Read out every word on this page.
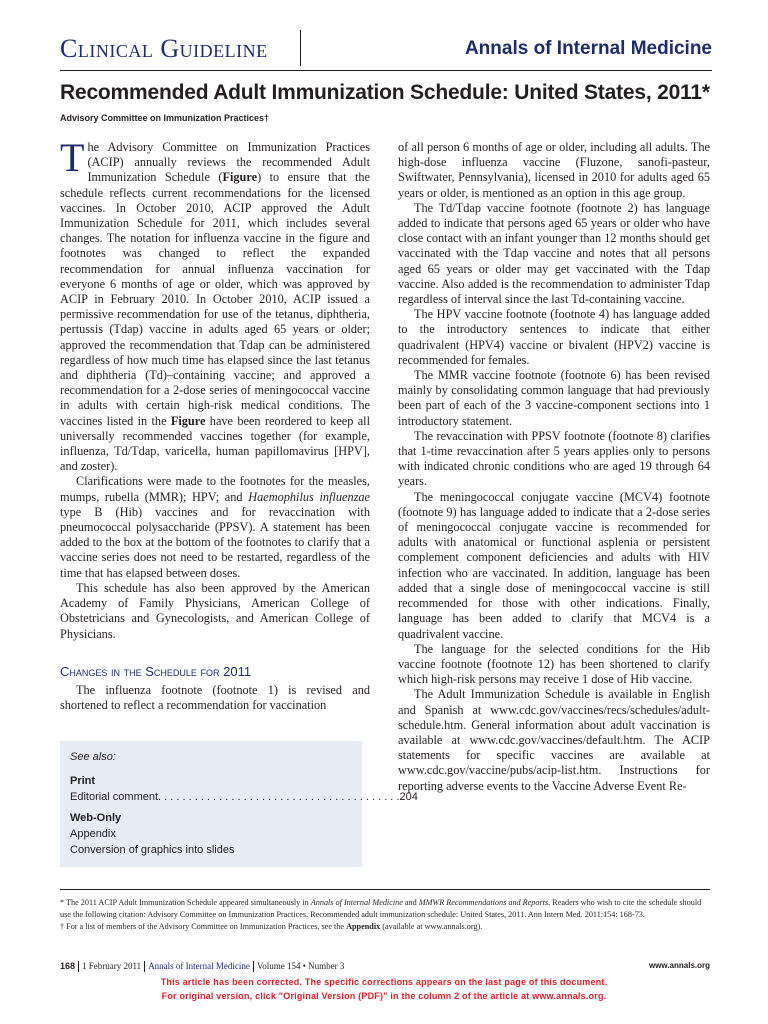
Clinical Guideline	Annals of Internal Medicine
Recommended Adult Immunization Schedule: United States, 2011*
Advisory Committee on Immunization Practices†

The Advisory Committee on Immunization Practices (ACIP) annually reviews the recommended Adult Immunization Schedule (Figure) to ensure that the schedule reflects current recommendations for the licensed vaccines. In October 2010, ACIP approved the Adult Immunization Schedule for 2011, which includes several changes. The notation for influenza vaccine in the figure and footnotes was changed to reflect the expanded recommendation for annual influenza vaccination for everyone 6 months of age or older, which was approved by ACIP in February 2010. In October 2010, ACIP issued a permissive recommendation for use of the tetanus, diphtheria, pertussis (Tdap) vaccine in adults aged 65 years or older; approved the recommendation that Tdap can be administered regardless of how much time has elapsed since the last tetanus and diphtheria (Td)–containing vaccine; and approved a recommendation for a 2-dose series of meningococcal vaccine in adults with certain high-risk medical conditions. The vaccines listed in the Figure have been reordered to keep all universally recommended vaccines together (for example, influenza, Td/Tdap, varicella, human papillomavirus [HPV], and zoster).

Clarifications were made to the footnotes for the measles, mumps, rubella (MMR); HPV; and Haemophilus influenzae type B (Hib) vaccines and for revaccination with pneumococcal polysaccharide (PPSV). A statement has been added to the box at the bottom of the footnotes to clarify that a vaccine series does not need to be restarted, regardless of the time that has elapsed between doses.

This schedule has also been approved by the American Academy of Family Physicians, American College of Obstetricians and Gynecologists, and American College of Physicians.

Changes in the Schedule for 2011

The influenza footnote (footnote 1) is revised and shortened to reflect a recommendation for vaccination

See also:
Print
Editorial comment. . . . . . . . . . . . . . . . . . . . . . . . . . . . . . . . . . . . . . . . 204
Web-Only
Appendix
Conversion of graphics into slides

of all person 6 months of age or older, including all adults. The high-dose influenza vaccine (Fluzone, sanofi-pasteur, Swiftwater, Pennsylvania), licensed in 2010 for adults aged 65 years or older, is mentioned as an option in this age group.

The Td/Tdap vaccine footnote (footnote 2) has language added to indicate that persons aged 65 years or older who have close contact with an infant younger than 12 months should get vaccinated with the Tdap vaccine and notes that all persons aged 65 years or older may get vaccinated with the Tdap vaccine. Also added is the recommendation to administer Tdap regardless of interval since the last Td-containing vaccine.

The HPV vaccine footnote (footnote 4) has language added to the introductory sentences to indicate that either quadrivalent (HPV4) vaccine or bivalent (HPV2) vaccine is recommended for females.

The MMR vaccine footnote (footnote 6) has been revised mainly by consolidating common language that had previously been part of each of the 3 vaccine-component sections into 1 introductory statement.

The revaccination with PPSV footnote (footnote 8) clarifies that 1-time revaccination after 5 years applies only to persons with indicated chronic conditions who are aged 19 through 64 years.

The meningococcal conjugate vaccine (MCV4) footnote (footnote 9) has language added to indicate that a 2-dose series of meningococcal conjugate vaccine is recommended for adults with anatomical or functional asplenia or persistent complement component deficiencies and adults with HIV infection who are vaccinated. In addition, language has been added that a single dose of meningococcal vaccine is still recommended for those with other indications. Finally, language has been added to clarify that MCV4 is a quadrivalent vaccine.

The language for the selected conditions for the Hib vaccine footnote (footnote 12) has been shortened to clarify which high-risk persons may receive 1 dose of Hib vaccine.

The Adult Immunization Schedule is available in English and Spanish at www.cdc.gov/vaccines/recs/schedules/adult-schedule.htm. General information about adult vaccination is available at www.cdc.gov/vaccines/default.htm. The ACIP statements for specific vaccines are available at www.cdc.gov/vaccine/pubs/acip-list.htm. Instructions for reporting adverse events to the Vaccine Adverse Event Re-

* The 2011 ACIP Adult Immunization Schedule appeared simultaneously in Annals of Internal Medicine and MMWR Recommendations and Reports. Readers who wish to cite the schedule should use the following citation: Advisory Committee on Immunization Practices. Recommended adult immunization schedule: United States, 2011. Ann Intern Med. 2011:154: 168-73.

† For a list of members of the Advisory Committee on Immunization Practices, see the Appendix (available at www.annals.org).

168 1 February 2011 Annals of Internal Medicine Volume 154 • Number 3	www.annals.org
This article has been corrected. The specific corrections appears on the last page of this document.
For original version, click "Original Version (PDF)" in the column 2 of the article at www.annals.org.
